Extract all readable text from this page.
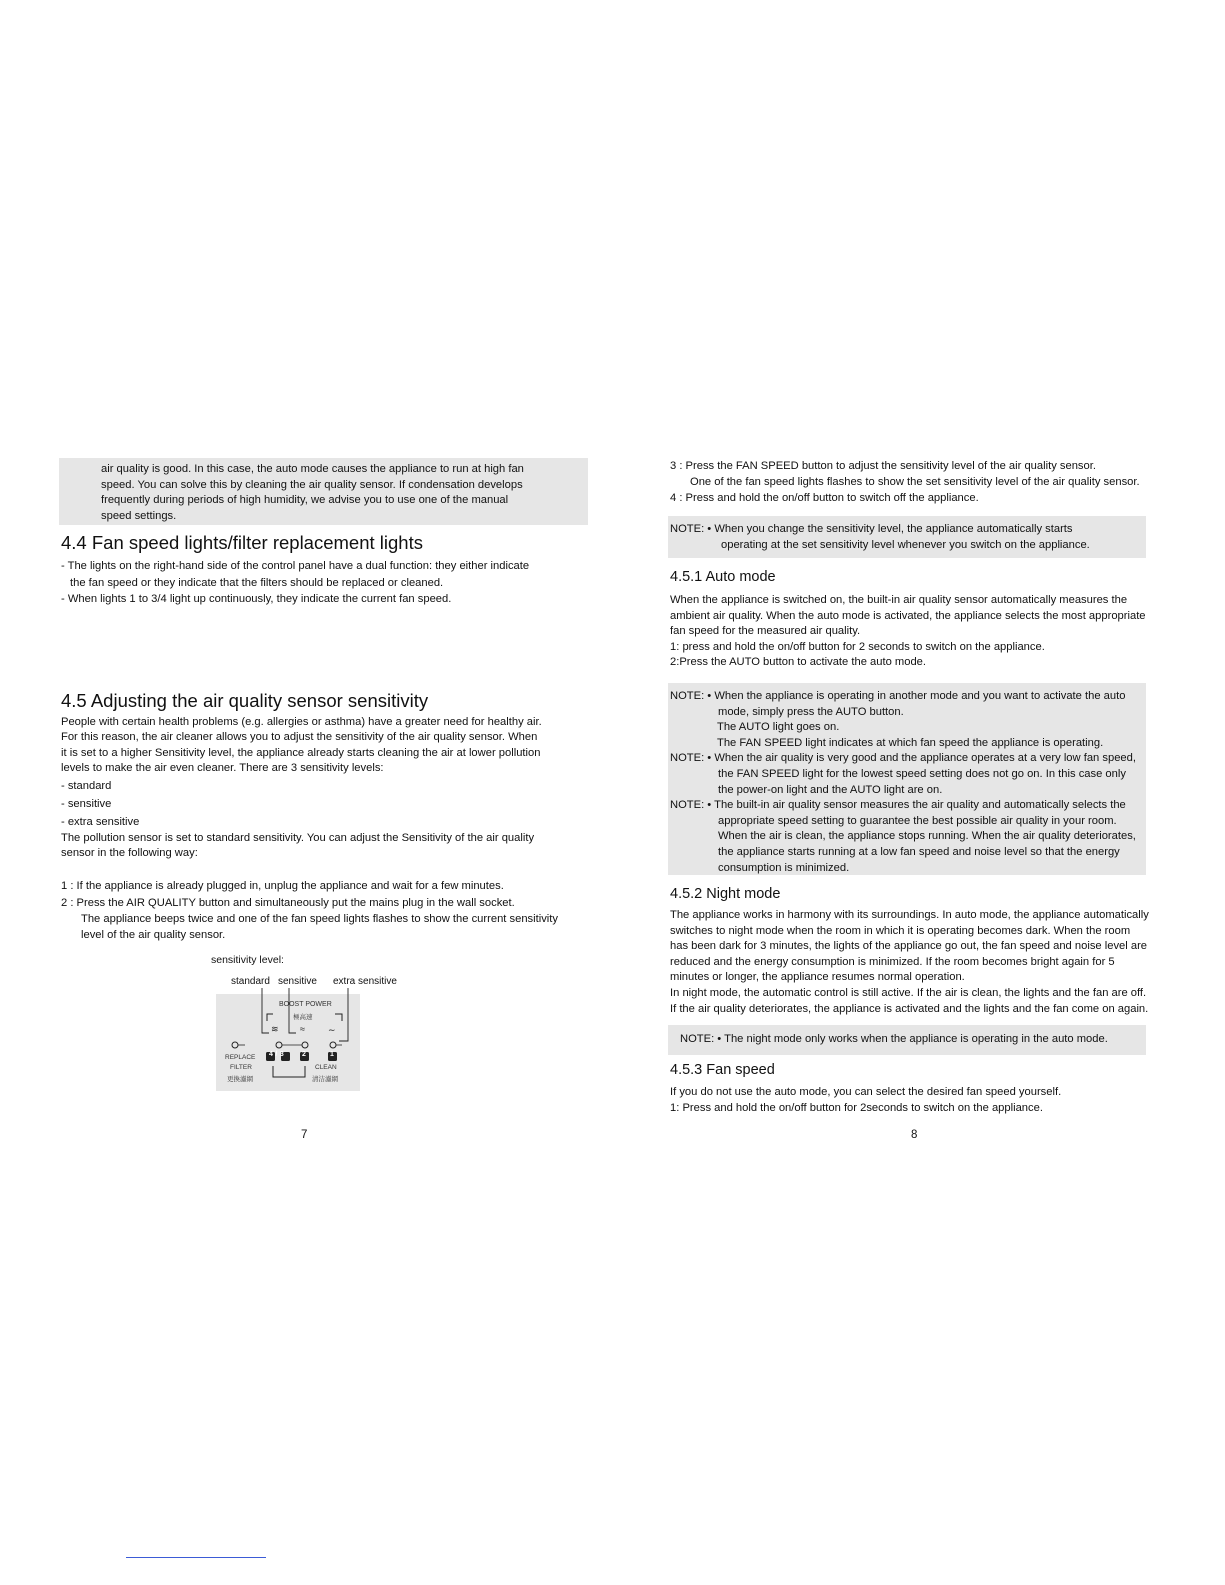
air quality is good. In this case, the auto mode causes the appliance to run at high fan

speed. You can solve this by cleaning the air quality sensor. If condensation develops

frequently during periods of high humidity, we advise you to use one of the manual

speed settings.

4.4 Fan speed lights/filter replacement lights

- The lights on the right-hand side of the control panel have a dual function: they either indicate

the fan speed or they indicate that the filters should be replaced or cleaned.

- When lights 1 to 3/4 light up continuously, they indicate the current fan speed.

4.5 Adjusting the air quality sensor sensitivity

People with certain health problems (e.g. allergies or asthma) have a greater need for healthy air.

For this reason, the air cleaner allows you to adjust the sensitivity of the air quality sensor. When

it is set to a higher Sensitivity level, the appliance already starts cleaning the air at lower pollution

levels to make the air even cleaner. There are 3 sensitivity levels:

- standard

- sensitive

- extra sensitive

The pollution sensor is set to standard sensitivity. You can adjust the Sensitivity of the air quality

sensor in the following way:

1 : If the appliance is already plugged in, unplug the appliance and wait for a few minutes.

2 : Press the AIR QUALITY button and simultaneously put the mains plug in the wall socket.

The appliance beeps twice and one of the fan speed lights flashes to show the current sensitivity

level of the air quality sensor.

sensitivity level:
≋ ≈	∼
standard sensitive extra sensitive
BOOST POWER
極高速
4/3 2	1
REPLACE
FILTER
更換濾網
CLEAN
清洁濾網
7

3 : Press the FAN SPEED button to adjust the sensitivity level of the air quality sensor.

One of the fan speed lights flashes to show the set sensitivity level of the air quality sensor.

4 : Press and hold the on/off button to switch off the appliance.

NOTE: • When you change the sensitivity level, the appliance automatically starts

operating at the set sensitivity level whenever you switch on the appliance.

4.5.1 Auto mode

When the appliance is switched on, the built-in air quality sensor automatically measures the

ambient air quality. When the auto mode is activated, the appliance selects the most appropriate

fan speed for the measured air quality.

1: press and hold the on/off button for 2 seconds to switch on the appliance.

2:Press the AUTO button to activate the auto mode.

NOTE: • When the appliance is operating in another mode and you want to activate the auto

mode, simply press the AUTO button.

The AUTO light goes on.

The FAN SPEED light indicates at which fan speed the appliance is operating.

NOTE: • When the air quality is very good and the appliance operates at a very low fan speed,

the FAN SPEED light for the lowest speed setting does not go on. In this case only

the power-on light and the AUTO light are on.

NOTE: • The built-in air quality sensor measures the air quality and automatically selects the

appropriate speed setting to guarantee the best possible air quality in your room.

When the air is clean, the appliance stops running. When the air quality deteriorates,

the appliance starts running at a low fan speed and noise level so that the energy

consumption is minimized.

4.5.2 Night mode

The appliance works in harmony with its surroundings. In auto mode, the appliance automatically

switches to night mode when the room in which it is operating becomes dark. When the room

has been dark for 3 minutes, the lights of the appliance go out, the fan speed and noise level are

reduced and the energy consumption is minimized. If the room becomes bright again for 5

minutes or longer, the appliance resumes normal operation.

In night mode, the automatic control is still active. If the air is clean, the lights and the fan are off.

If the air quality deteriorates, the appliance is activated and the lights and the fan come on again.

NOTE: • The night mode only works when the appliance is operating in the auto mode.

4.5.3 Fan speed

If you do not use the auto mode, you can select the desired fan speed yourself.

1: Press and hold the on/off button for 2seconds to switch on the appliance.

8
